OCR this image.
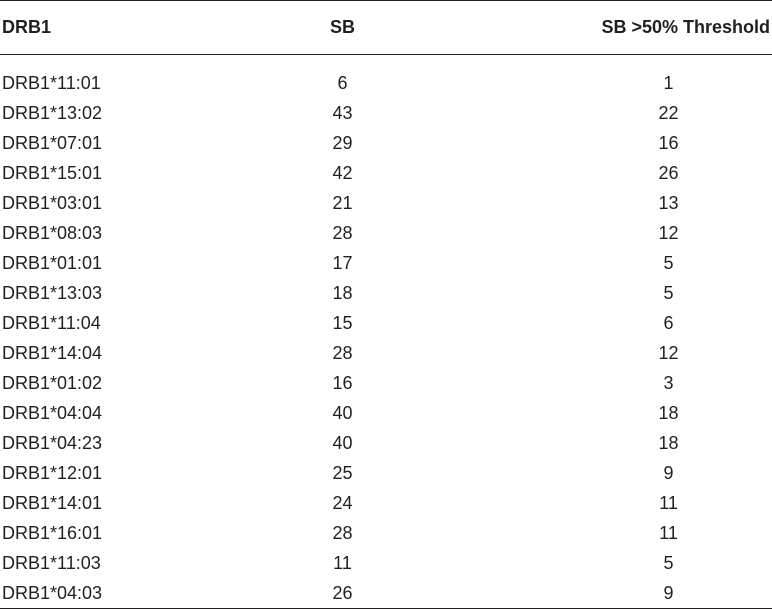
DRB1	SB	SB >50% Threshold

DRB1*11:01	6	1
DRB1*13:02	43	22
DRB1*07:01	29	16
DRB1*15:01	42	26
DRB1*03:01	21	13
DRB1*08:03	28	12
DRB1*01:01	17	5
DRB1*13:03	18	5
DRB1*11:04	15	6
DRB1*14:04	28	12
DRB1*01:02	16	3
DRB1*04:04	40	18
DRB1*04:23	40	18
DRB1*12:01	25	9
DRB1*14:01	24	11
DRB1*16:01	28	11
DRB1*11:03	11	5
DRB1*04:03	26	9
